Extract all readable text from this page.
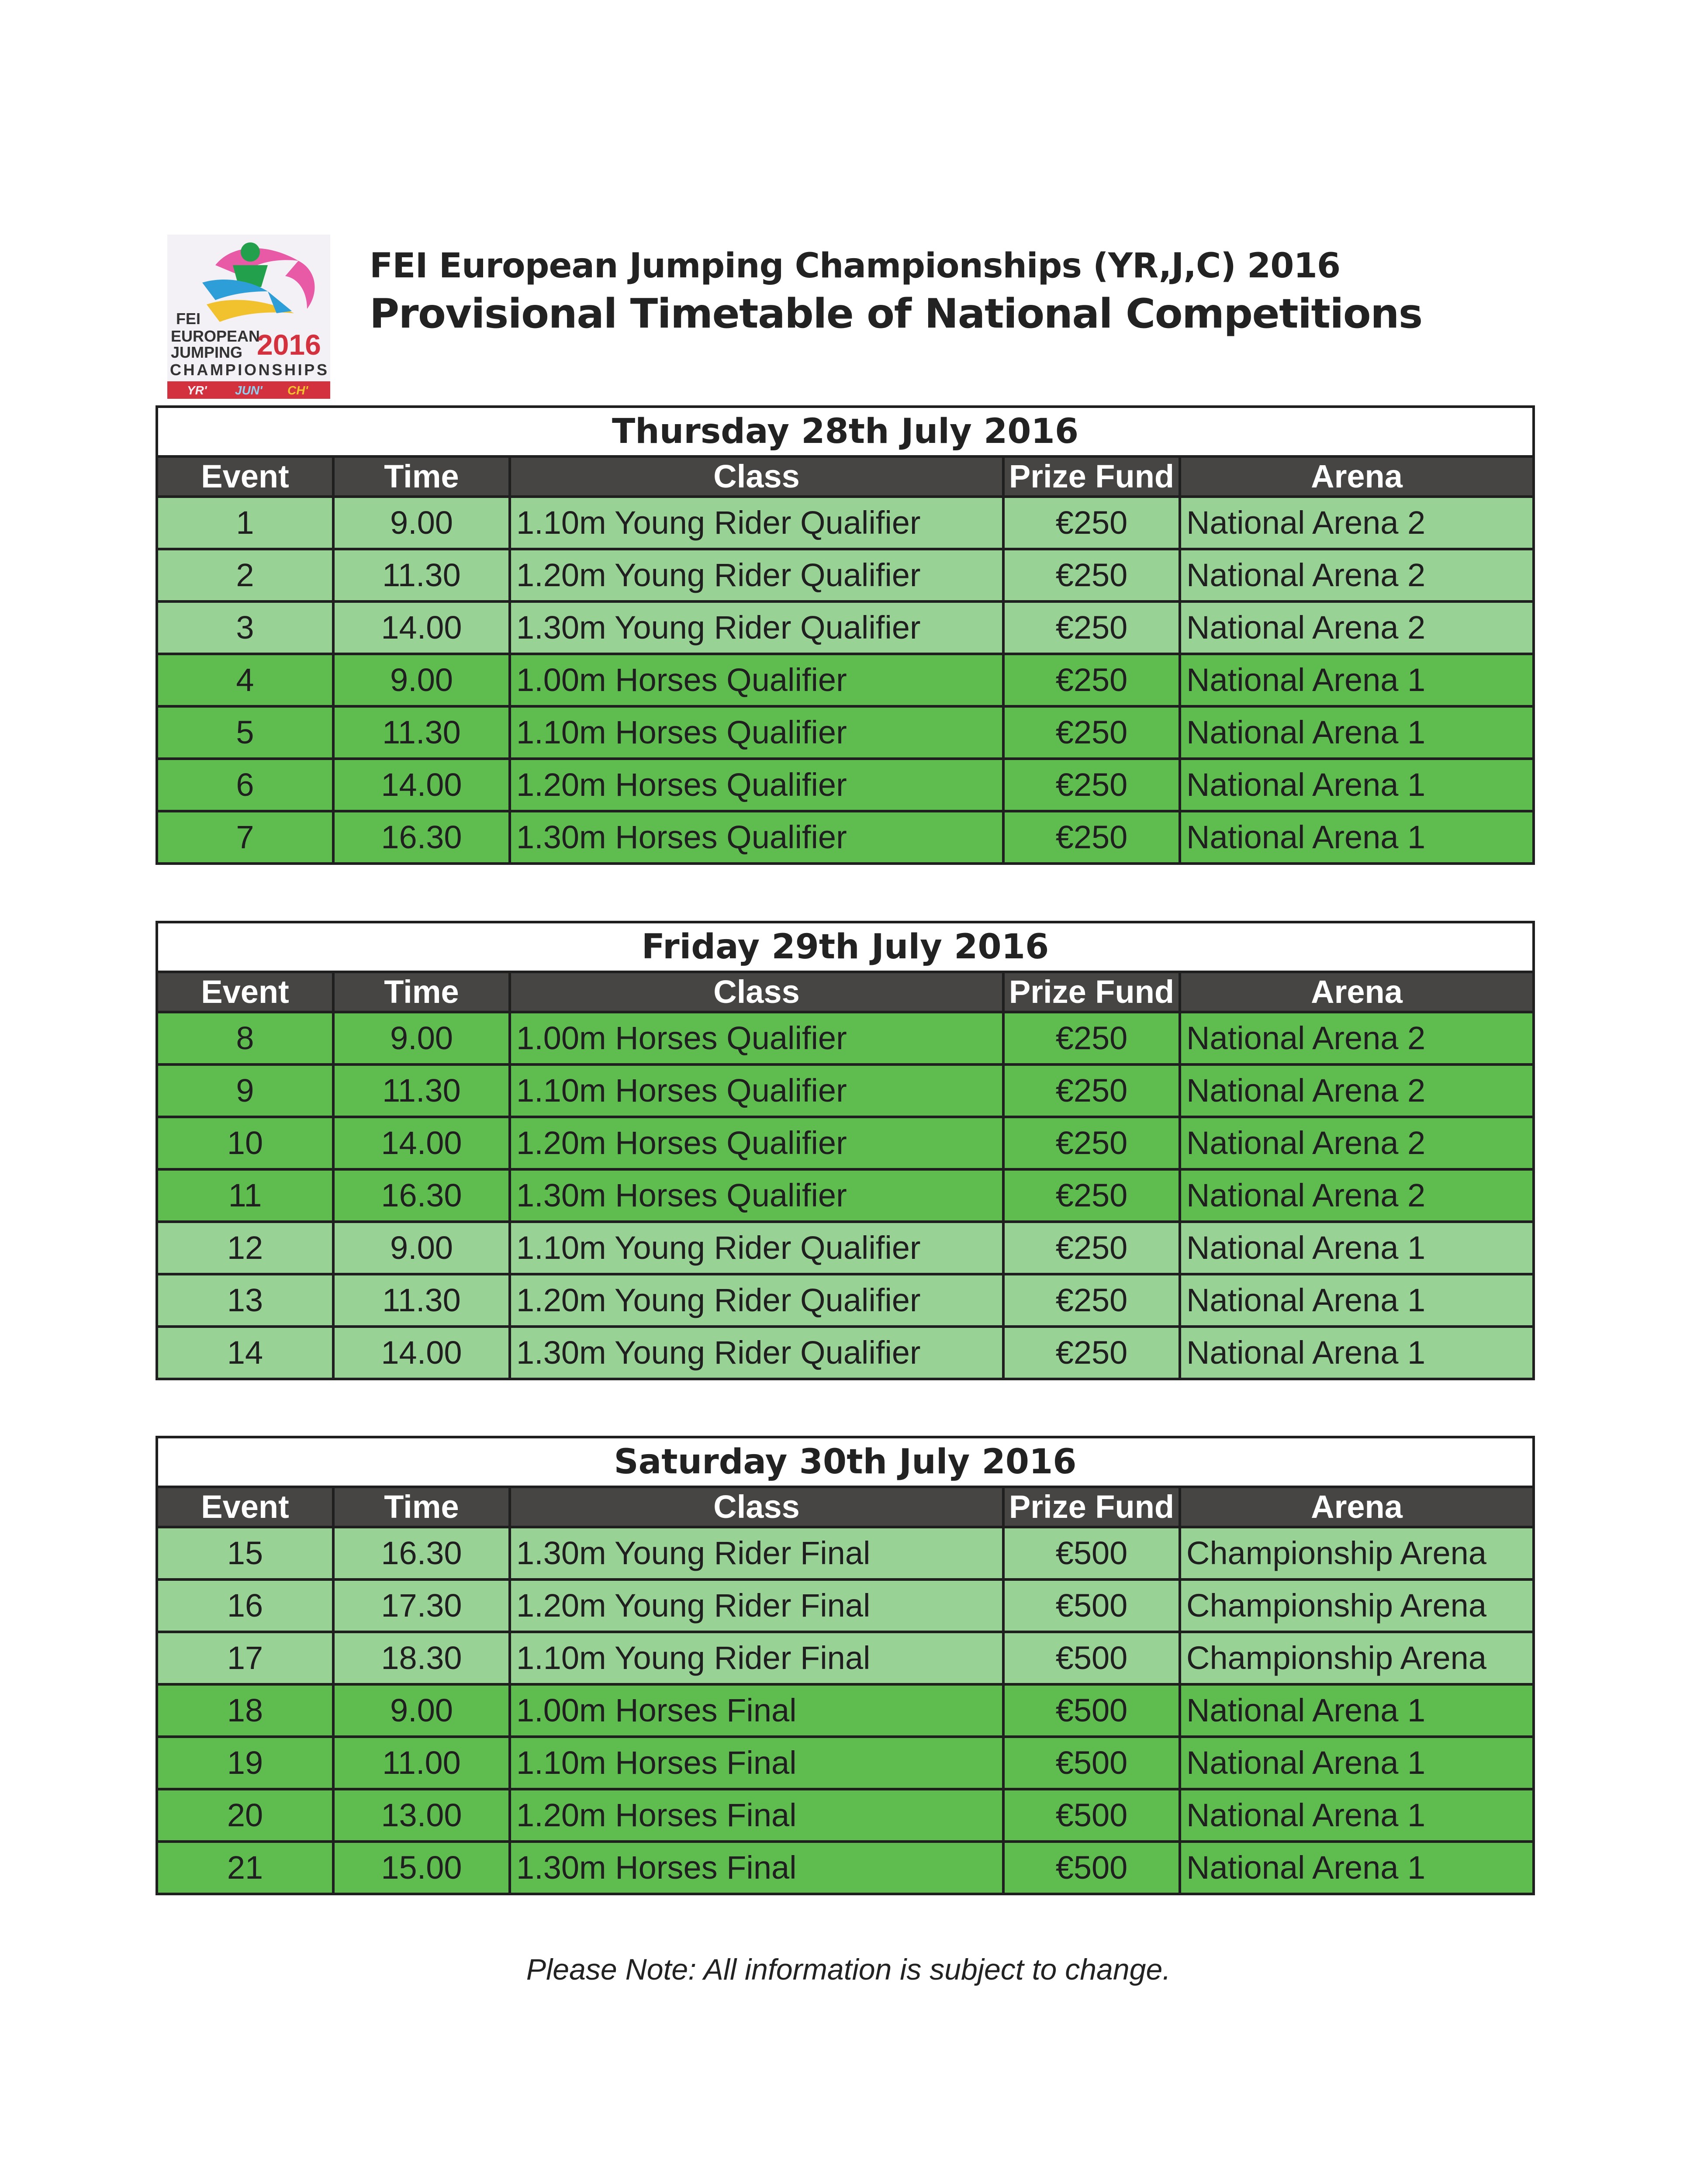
FEI
EUROPEAN
JUMPING 2016
CHAMPIONSHIPS
YR' JUN' CH'
FEI European Jumping Championships (YR,J,C) 2016
Provisional Timetable of National Competitions
Thursday 28th July 2016				
Event	Time	Class	Prize Fund	Arena
1	9.00	1.10m Young Rider Qualifier	€250	National Arena 2
2	11.30	1.20m Young Rider Qualifier	€250	National Arena 2
3	14.00	1.30m Young Rider Qualifier	€250	National Arena 2
4	9.00	1.00m Horses Qualifier	€250	National Arena 1
5	11.30	1.10m Horses Qualifier	€250	National Arena 1
6	14.00	1.20m Horses Qualifier	€250	National Arena 1
7	16.30	1.30m Horses Qualifier	€250	National Arena 1
Friday 29th July 2016				
Event	Time	Class	Prize Fund	Arena
8	9.00	1.00m Horses Qualifier	€250	National Arena 2
9	11.30	1.10m Horses Qualifier	€250	National Arena 2
10	14.00	1.20m Horses Qualifier	€250	National Arena 2
11	16.30	1.30m Horses Qualifier	€250	National Arena 2
12	9.00	1.10m Young Rider Qualifier	€250	National Arena 1
13	11.30	1.20m Young Rider Qualifier	€250	National Arena 1
14	14.00	1.30m Young Rider Qualifier	€250	National Arena 1
Saturday 30th July 2016				
Event	Time	Class	Prize Fund	Arena
15	16.30	1.30m Young Rider Final	€500	Championship Arena
16	17.30	1.20m Young Rider Final	€500	Championship Arena
17	18.30	1.10m Young Rider Final	€500	Championship Arena
18	9.00	1.00m Horses Final	€500	National Arena 1
19	11.00	1.10m Horses Final	€500	National Arena 1
20	13.00	1.20m Horses Final	€500	National Arena 1
21	15.00	1.30m Horses Final	€500	National Arena 1
Please Note: All information is subject to change.
